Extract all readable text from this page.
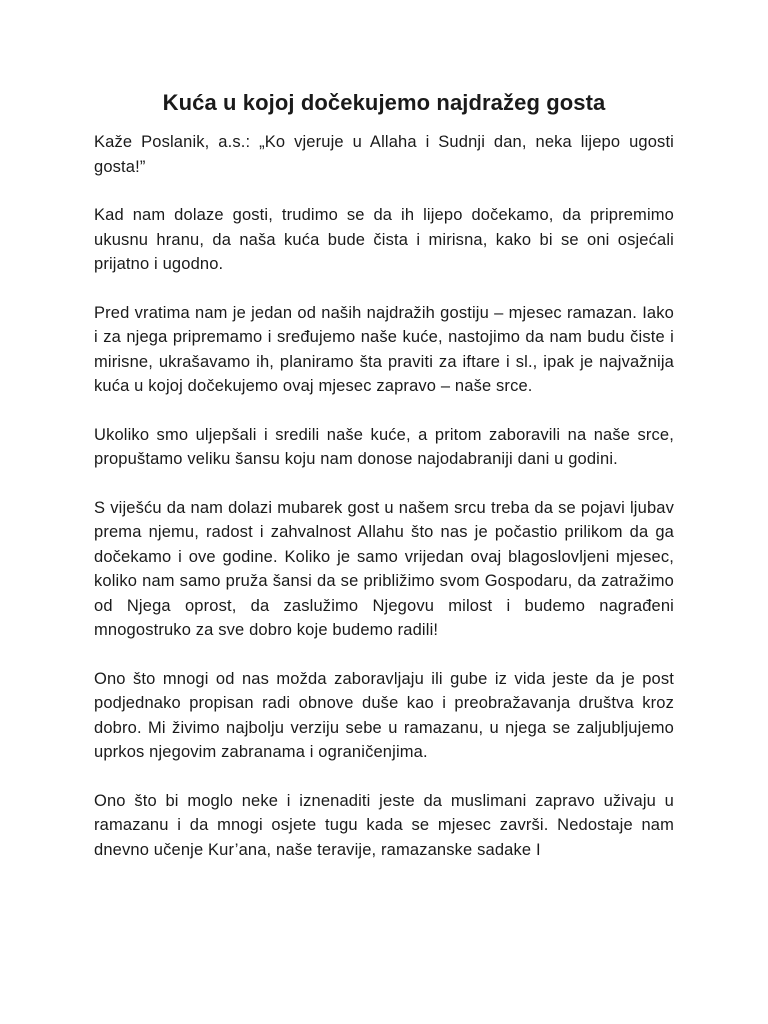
Kuća u kojoj dočekujemo najdražeg gosta

Kaže Poslanik, a.s.: „Ko vjeruje u Allaha i Sudnji dan, neka lijepo ugosti gosta!”

Kad nam dolaze gosti, trudimo se da ih lijepo dočekamo, da pripremimo ukusnu hranu, da naša kuća bude čista i mirisna, kako bi se oni osjećali prijatno i ugodno.

Pred vratima nam je jedan od naših najdražih gostiju – mjesec ramazan. Iako i za njega pripremamo i sređujemo naše kuće, nastojimo da nam budu čiste i mirisne, ukrašavamo ih, planiramo šta praviti za iftare i sl., ipak je najvažnija kuća u kojoj dočekujemo ovaj mjesec zapravo – naše srce.

Ukoliko smo uljepšali i sredili naše kuće, a pritom zaboravili na naše srce, propuštamo veliku šansu koju nam donose najodabraniji dani u godini.

S viješću da nam dolazi mubarek gost u našem srcu treba da se pojavi ljubav prema njemu, radost i zahvalnost Allahu što nas je počastio prilikom da ga dočekamo i ove godine. Koliko je samo vrijedan ovaj blagoslovljeni mjesec, koliko nam samo pruža šansi da se približimo svom Gospodaru, da zatražimo od Njega oprost, da zaslužimo Njegovu milost i budemo nagrađeni mnogostruko za sve dobro koje budemo radili!

Ono što mnogi od nas možda zaboravljaju ili gube iz vida jeste da je post podjednako propisan radi obnove duše kao i preobražavanja društva kroz dobro. Mi živimo najbolju verziju sebe u ramazanu, u njega se zaljubljujemo uprkos njegovim zabranama i ograničenjima.

Ono što bi moglo neke i iznenaditi jeste da muslimani zapravo uživaju u ramazanu i da mnogi osjete tugu kada se mjesec završi. Nedostaje nam dnevno učenje Kur’ana, naše teravije, ramazanske sadake I
